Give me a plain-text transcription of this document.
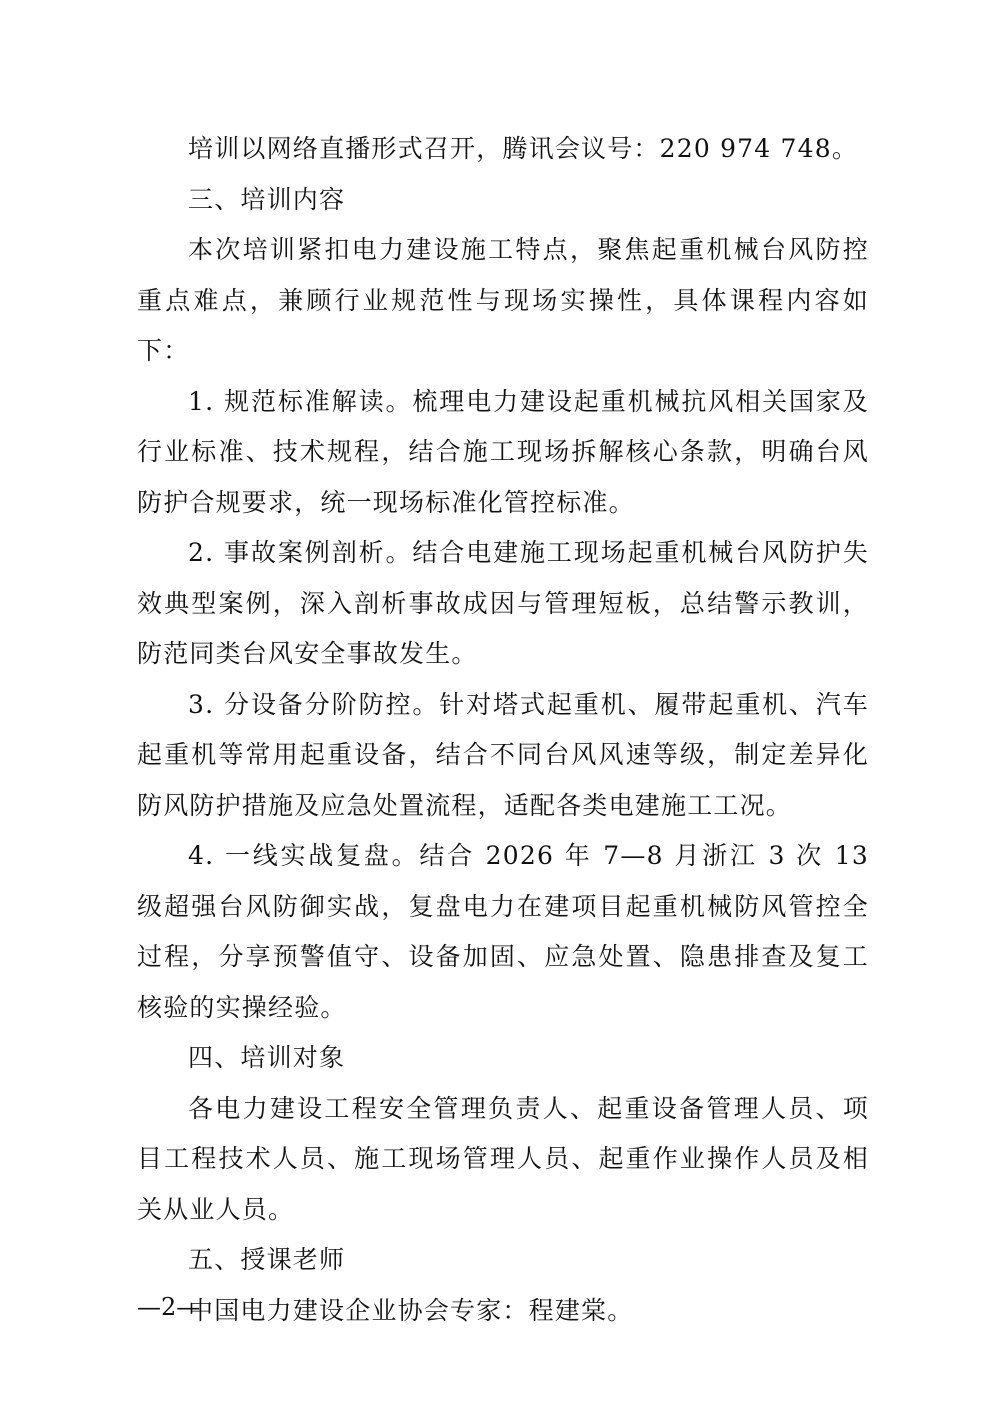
培训以网络直播形式召开，腾讯会议号：220 974 748。

三、培训内容

本次培训紧扣电力建设施工特点，聚焦起重机械台风防控重点难点，兼顾行业规范性与现场实操性，具体课程内容如下：

1. 规范标准解读。梳理电力建设起重机械抗风相关国家及行业标准、技术规程，结合施工现场拆解核心条款，明确台风防护合规要求，统一现场标准化管控标准。

2. 事故案例剖析。结合电建施工现场起重机械台风防护失效典型案例，深入剖析事故成因与管理短板，总结警示教训，防范同类台风安全事故发生。

3. 分设备分阶防控。针对塔式起重机、履带起重机、汽车起重机等常用起重设备，结合不同台风风速等级，制定差异化防风防护措施及应急处置流程，适配各类电建施工工况。

4. 一线实战复盘。结合 2026 年 7—8 月浙江 3 次 13 级超强台风防御实战，复盘电力在建项目起重机械防风管控全过程，分享预警值守、设备加固、应急处置、隐患排查及复工核验的实操经验。

四、培训对象

各电力建设工程安全管理负责人、起重设备管理人员、项目工程技术人员、施工现场管理人员、起重作业操作人员及相关从业人员。

五、授课老师

中国电力建设企业协会专家：程建棠。

—2—
